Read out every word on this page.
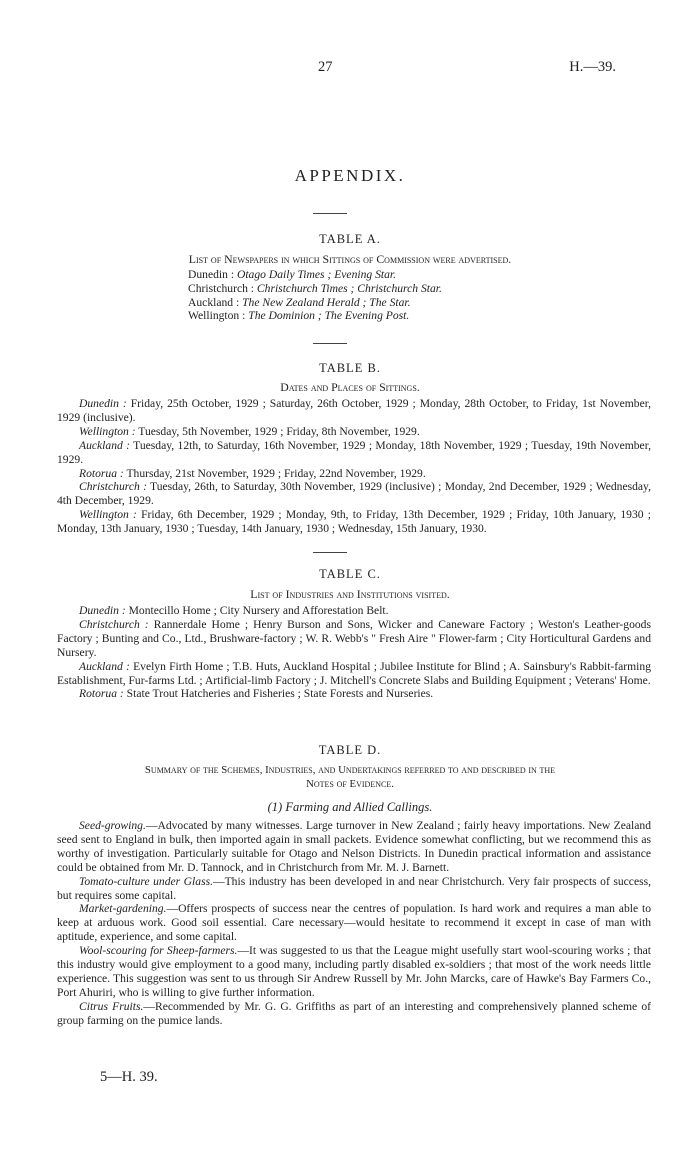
27	H.—39.
APPENDIX.
TABLE A.
List of Newspapers in which Sittings of Commission were advertised.
Dunedin : Otago Daily Times ; Evening Star.
Christchurch : Christchurch Times ; Christchurch Star.
Auckland : The New Zealand Herald ; The Star.
Wellington : The Dominion ; The Evening Post.
TABLE B.
Dates and Places of Sittings.

Dunedin : Friday, 25th October, 1929 ; Saturday, 26th October, 1929 ; Monday, 28th October, to Friday, 1st November, 1929 (inclusive).

Wellington : Tuesday, 5th November, 1929 ; Friday, 8th November, 1929.

Auckland : Tuesday, 12th, to Saturday, 16th November, 1929 ; Monday, 18th November, 1929 ; Tuesday, 19th November, 1929.

Rotorua : Thursday, 21st November, 1929 ; Friday, 22nd November, 1929.

Christchurch : Tuesday, 26th, to Saturday, 30th November, 1929 (inclusive) ; Monday, 2nd December, 1929 ; Wednesday, 4th December, 1929.

Wellington : Friday, 6th December, 1929 ; Monday, 9th, to Friday, 13th December, 1929 ; Friday, 10th January, 1930 ; Monday, 13th January, 1930 ; Tuesday, 14th January, 1930 ; Wednesday, 15th January, 1930.

TABLE C.
List of Industries and Institutions visited.

Dunedin : Montecillo Home ; City Nursery and Afforestation Belt.

Christchurch : Rannerdale Home ; Henry Burson and Sons, Wicker and Caneware Factory ; Weston's Leather-goods Factory ; Bunting and Co., Ltd., Brushware-factory ; W. R. Webb's " Fresh Aire " Flower-farm ; City Horticultural Gardens and Nursery.

Auckland : Evelyn Firth Home ; T.B. Huts, Auckland Hospital ; Jubilee Institute for Blind ; A. Sainsbury's Rabbit-farming Establishment, Fur-farms Ltd. ; Artificial-limb Factory ; J. Mitchell's Concrete Slabs and Building Equipment ; Veterans' Home.

Rotorua : State Trout Hatcheries and Fisheries ; State Forests and Nurseries.

TABLE D.
Summary of the Schemes, Industries, and Undertakings referred to and described in the
Notes of Evidence.
(1) Farming and Allied Callings.

Seed-growing.—Advocated by many witnesses. Large turnover in New Zealand ; fairly heavy importations. New Zealand seed sent to England in bulk, then imported again in small packets. Evidence somewhat conflicting, but we recommend this as worthy of investigation. Particularly suitable for Otago and Nelson Districts. In Dunedin practical information and assistance could be obtained from Mr. D. Tannock, and in Christchurch from Mr. M. J. Barnett.

Tomato-culture under Glass.—This industry has been developed in and near Christchurch. Very fair prospects of success, but requires some capital.

Market-gardening.—Offers prospects of success near the centres of population. Is hard work and requires a man able to keep at arduous work. Good soil essential. Care necessary—would hesitate to recommend it except in case of man with aptitude, experience, and some capital.

Wool-scouring for Sheep-farmers.—It was suggested to us that the League might usefully start wool-scouring works ; that this industry would give employment to a good many, including partly disabled ex-soldiers ; that most of the work needs little experience. This suggestion was sent to us through Sir Andrew Russell by Mr. John Marcks, care of Hawke's Bay Farmers Co., Port Ahuriri, who is willing to give further information.

Citrus Fruits.—Recommended by Mr. G. G. Griffiths as part of an interesting and comprehensively planned scheme of group farming on the pumice lands.

5—H. 39.
